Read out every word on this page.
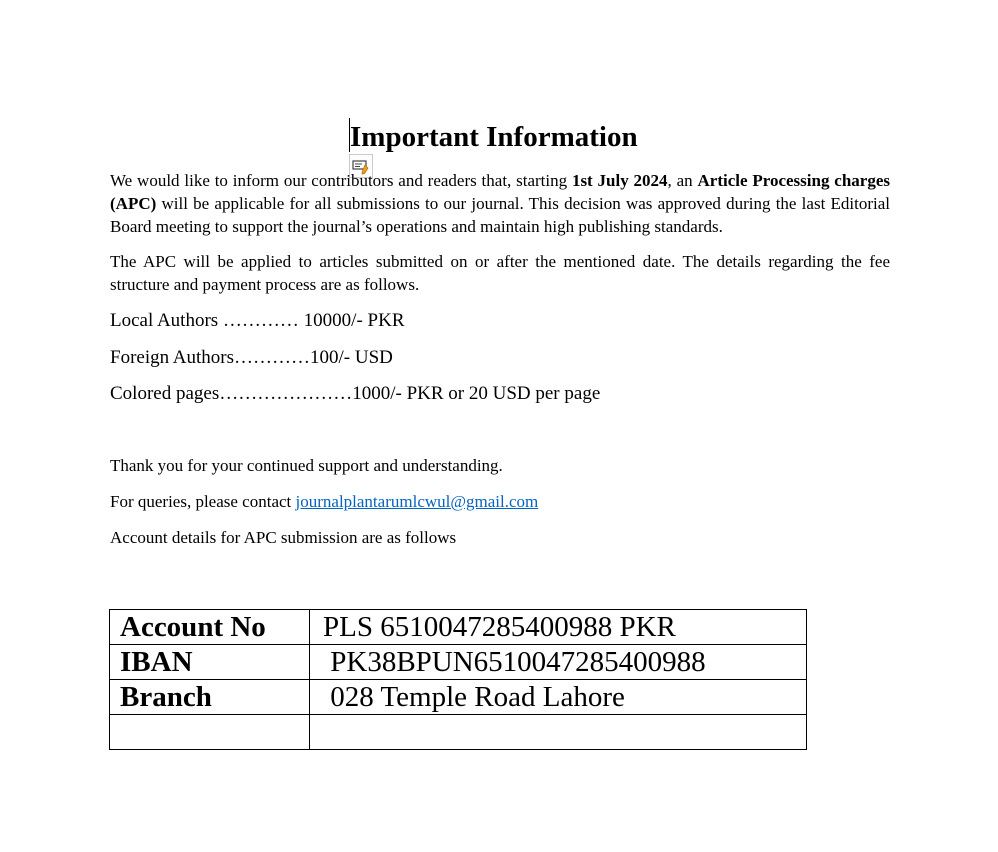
Important Information

We would like to inform our contributors and readers that, starting 1st July 2024, an Article Processing charges (APC) will be applicable for all submissions to our journal. This decision was approved during the last Editorial Board meeting to support the journal’s operations and maintain high publishing standards.

The APC will be applied to articles submitted on or after the mentioned date. The details regarding the fee structure and payment process are as follows.

Local Authors ………… 10000/- PKR
Foreign Authors…………100/- USD
Colored pages…………………1000/- PKR or 20 USD per page
Thank you for your continued support and understanding.
For queries, please contact journalplantarumlcwul@gmail.com
Account details for APC submission are as follows
Account No	PLS 6510047285400988 PKR
IBAN	PK38BPUN6510047285400988
Branch	028 Temple Road Lahore
